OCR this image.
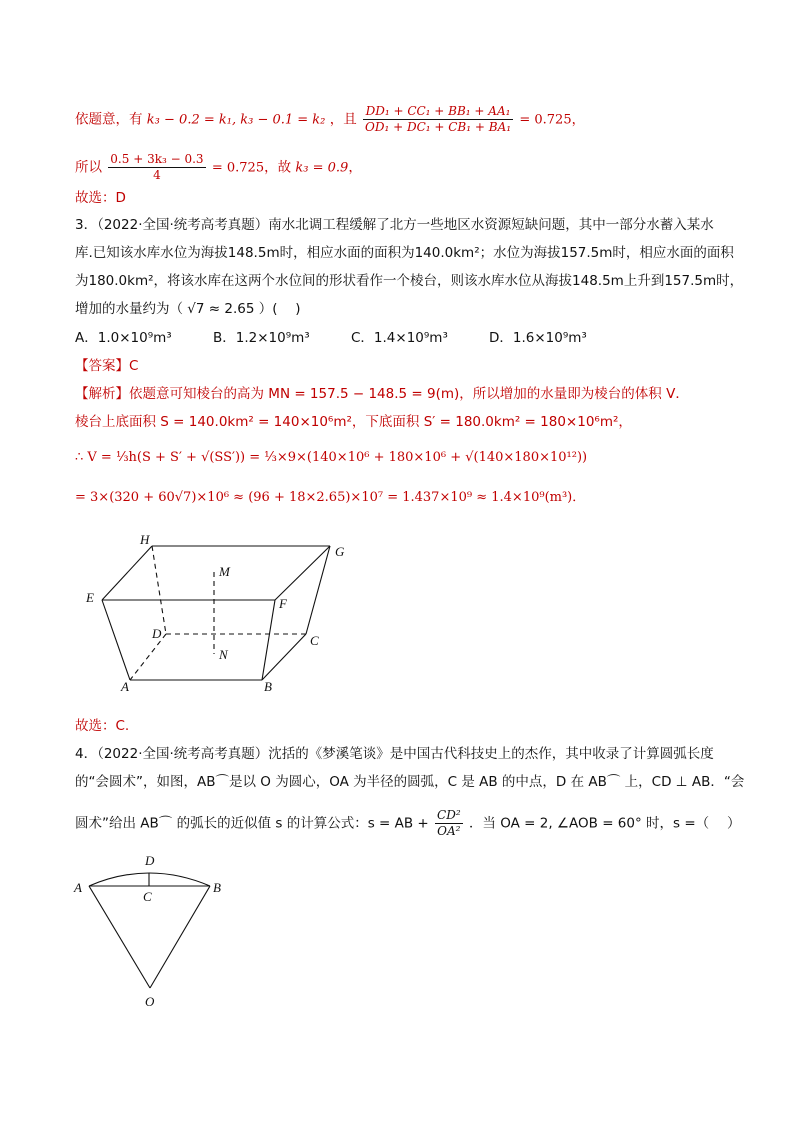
依题意，有 k₃ − 0.2 = k₁, k₃ − 0.1 = k₂ ，且 $\frac{\text{DD₁ + CC₁ + BB₁ + AA₁}}{\text{OD₁ + DC₁ + CB₁ + BA₁}} = 0.725$，
所以 $\frac{\text{0.5 + 3k₃ − 0.3}}{4} = 0.725$，故 k₃ = 0.9，
故选：D
3．（2022·全国·统考高考真题）南水北调工程缓解了北方一些地区水资源短缺问题，其中一部分水蓄入某水
库.已知该水库水位为海拔148.5m时，相应水面的面积为140.0km²；水位为海拔157.5m时，相应水面的面积
为180.0km²，将该水库在这两个水位间的形状看作一个棱台，则该水库水位从海拔148.5m上升到157.5m时，
增加的水量约为（ √7 ≈ 2.65 ）(　 )
A．1.0×10⁹m³	B．1.2×10⁹m³	C．1.4×10⁹m³	D．1.6×10⁹m³
【答案】C
【解析】依题意可知棱台的高为 MN = 157.5 − 148.5 = 9(m)，所以增加的水量即为棱台的体积 V．
棱台上底面积 S = 140.0km² = 140×10⁶m²，下底面积 S′ = 180.0km² = 180×10⁶m²，
∴ V = ⅓h(S + S′ + √(SS′)) = ⅓×9×(140×10⁶ + 180×10⁶ + √(140×180×10¹²))
= 3×(320 + 60√7)×10⁶ ≈ (96 + 18×2.65)×10⁷ = 1.437×10⁹ ≈ 1.4×10⁹(m³)．
H
G
M
E	F
D	C
N
A	B
故选：C.
4．（2022·全国·统考高考真题）沈括的《梦溪笔谈》是中国古代科技史上的杰作，其中收录了计算圆弧长度
的“会圆术”，如图，AB⌒是以 O 为圆心，OA 为半径的圆弧，C 是 AB 的中点，D 在 AB⌒ 上，CD ⊥ AB．“会
圆术”给出 AB⌒ 的弧长的近似值 s 的计算公式：s = AB + $\frac{\text{CD²}}{\text{OA²}}$ ．当 OA = 2, ∠AOB = 60° 时，s =（　 ）
D
A
C
B
O
